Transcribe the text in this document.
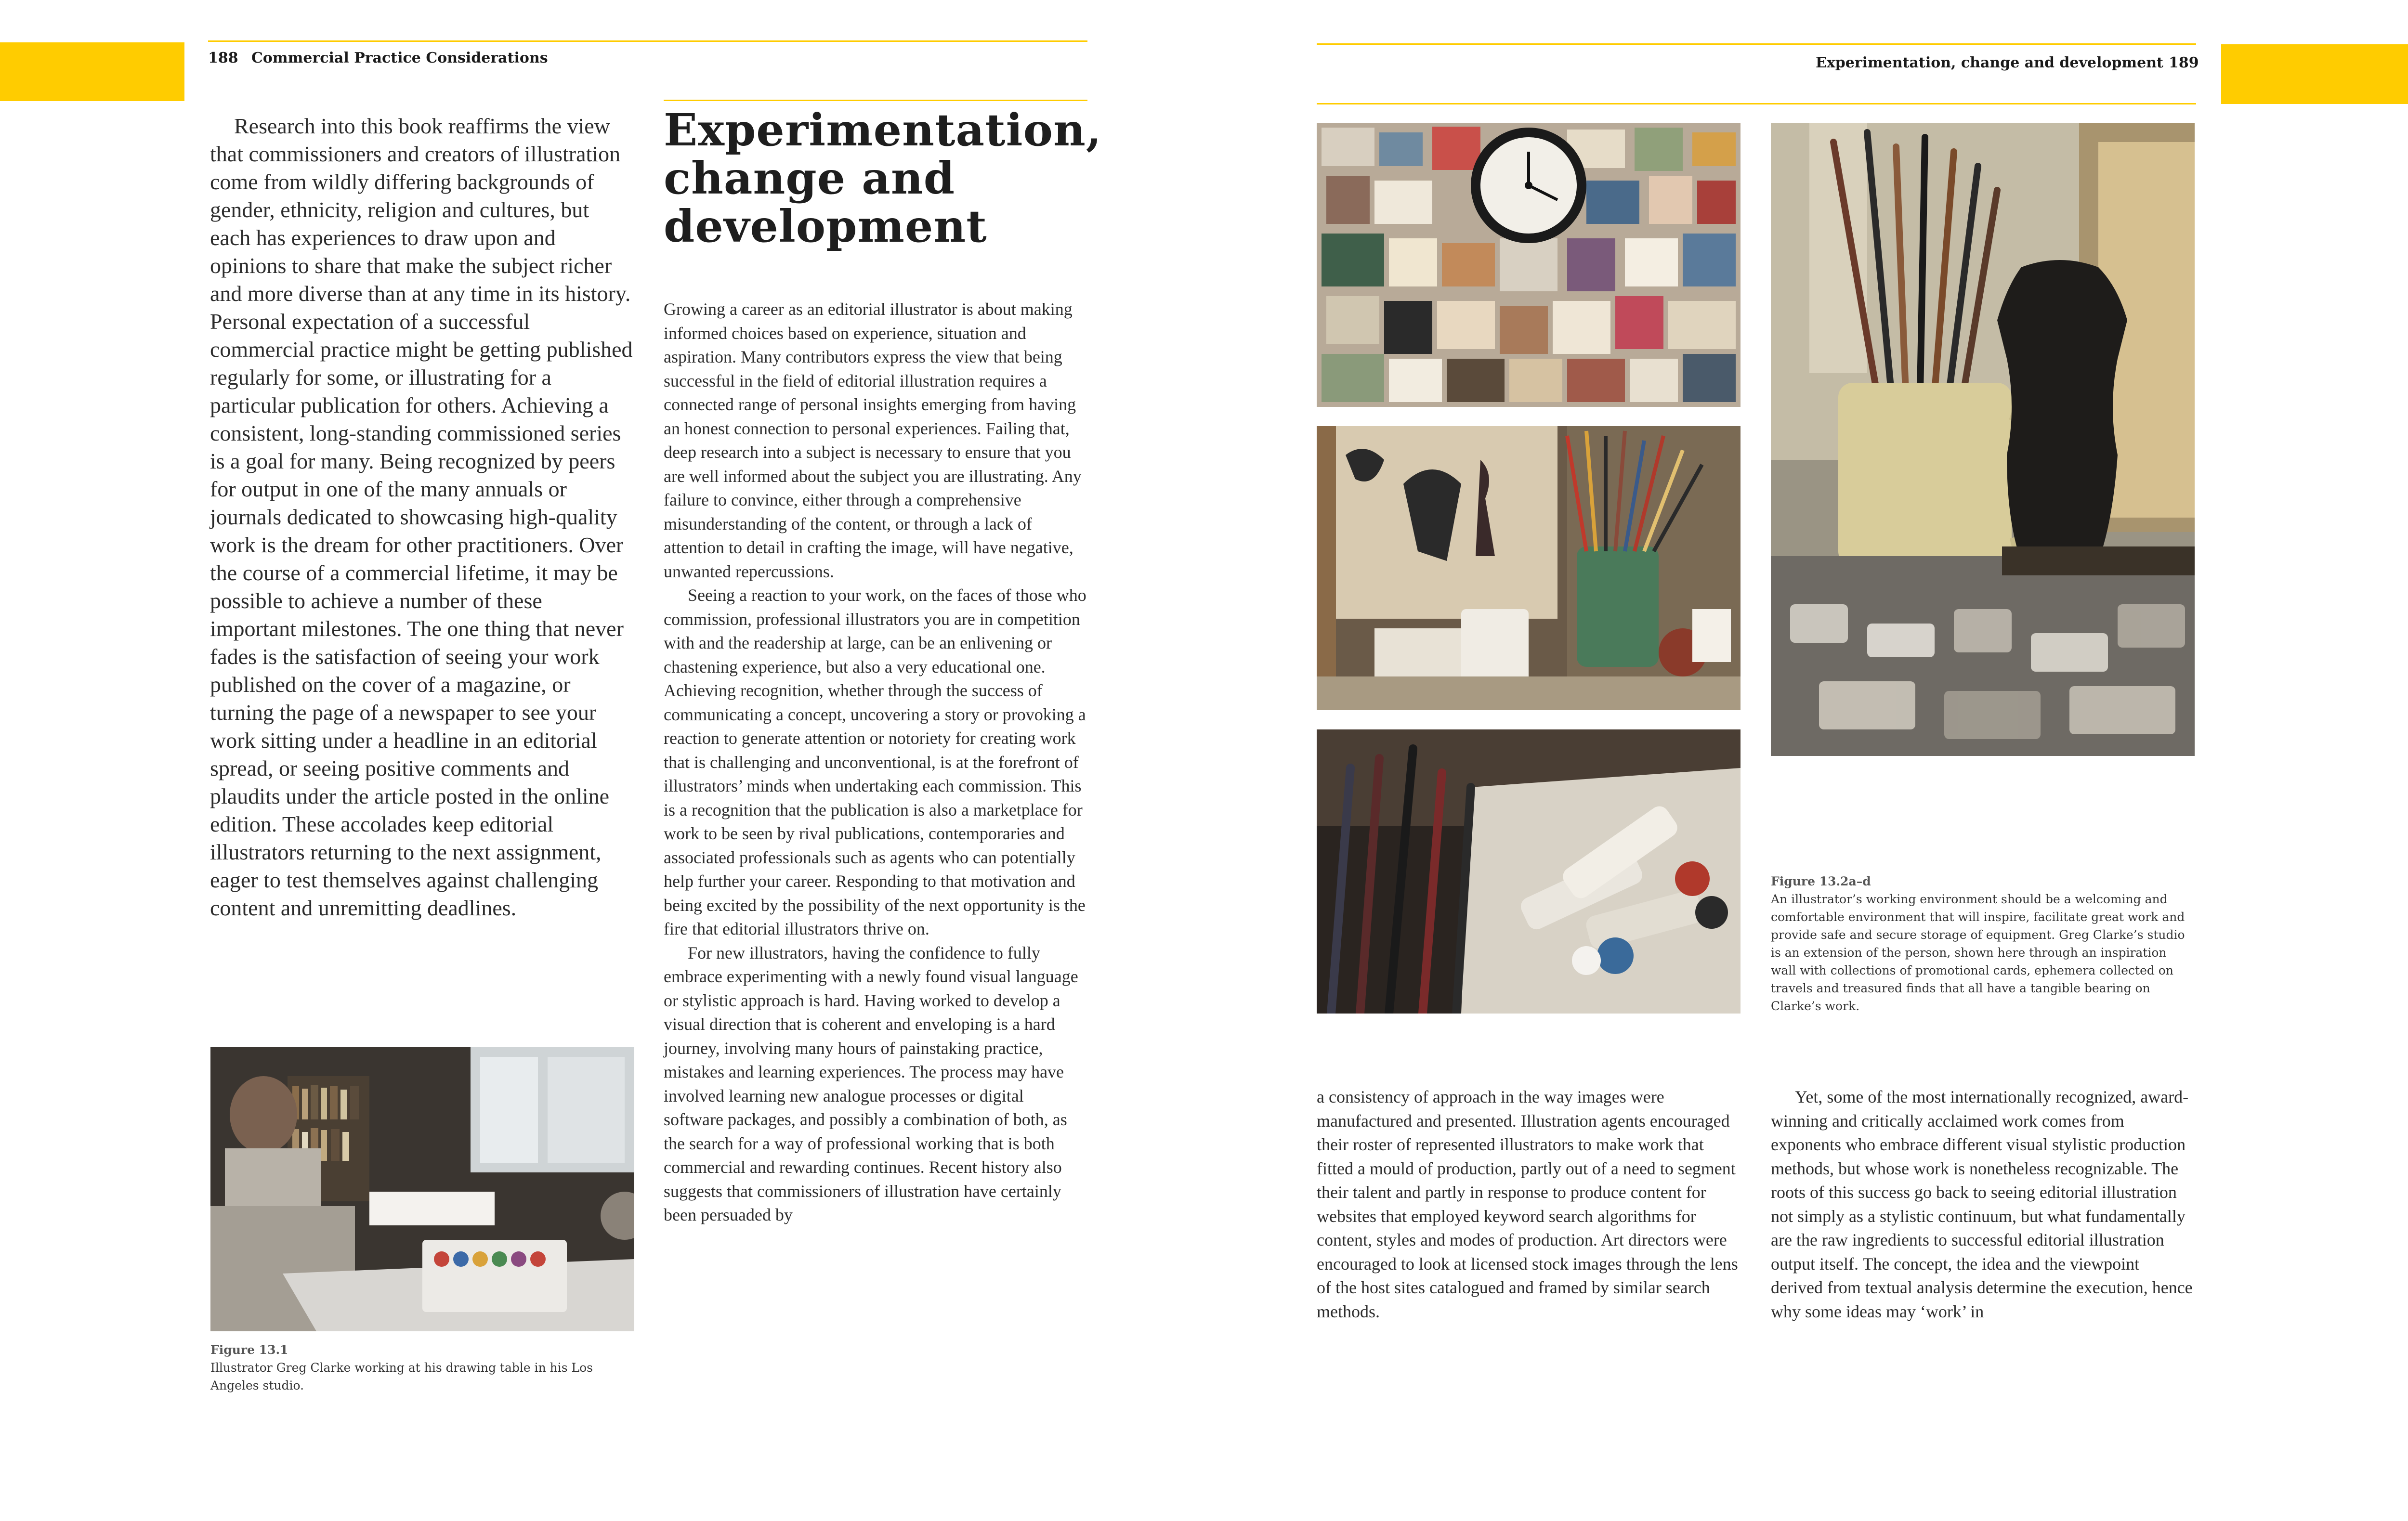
188 Commercial Practice Considerations

Research into this book reaffirms the view that commissioners and creators of illustration come from wildly differing backgrounds of gender, ethnicity, religion and cultures, but each has experiences to draw upon and opinions to share that make the subject richer and more diverse than at any time in its history. Personal expectation of a successful commercial practice might be getting published regularly for some, or illustrating for a particular publication for others. Achieving a consistent, long-standing commissioned series is a goal for many. Being recognized by peers for output in one of the many annuals or journals dedicated to showcasing high-quality work is the dream for other practitioners. Over the course of a commercial lifetime, it may be possible to achieve a number of these important milestones. The one thing that never fades is the satisfaction of seeing your work published on the cover of a magazine, or turning the page of a newspaper to see your work sitting under a headline in an editorial spread, or seeing positive comments and plaudits under the article posted in the online edition. These accolades keep editorial illustrators returning to the next assignment, eager to test themselves against challenging content and unremitting deadlines.

Experimentation, change and development

Growing a career as an editorial illustrator is about making informed choices based on experience, situation and aspiration. Many contributors express the view that being successful in the field of editorial illustration requires a connected range of personal insights emerging from having an honest connection to personal experiences. Failing that, deep research into a subject is necessary to ensure that you are well informed about the subject you are illustrating. Any failure to convince, either through a comprehensive misunderstanding of the content, or through a lack of attention to detail in crafting the image, will have negative, unwanted repercussions.

Seeing a reaction to your work, on the faces of those who commission, professional illustrators you are in competition with and the readership at large, can be an enlivening or chastening experience, but also a very educational one. Achieving recognition, whether through the success of communicating a concept, uncovering a story or provoking a reaction to generate attention or notoriety for creating work that is challenging and unconventional, is at the forefront of illustrators’ minds when undertaking each commission. This is a recognition that the publication is also a marketplace for work to be seen by rival publications, contemporaries and associated professionals such as agents who can potentially help further your career. Responding to that motivation and being excited by the possibility of the next opportunity is the fire that editorial illustrators thrive on.

For new illustrators, having the confidence to fully embrace experimenting with a newly found visual language or stylistic approach is hard. Having worked to develop a visual direction that is coherent and enveloping is a hard journey, involving many hours of painstaking practice, mistakes and learning experiences. The process may have involved learning new analogue processes or digital software packages, and possibly a combination of both, as the search for a way of professional working that is both commercial and rewarding continues. Recent history also suggests that commissioners of illustration have certainly been persuaded by

Figure 13.1
Illustrator Greg Clarke working at his drawing table in his Los Angeles studio.
Experimentation, change and development 189
Figure 13.2a–d
An illustrator’s working environment should be a welcoming and comfortable environment that will inspire, facilitate great work and provide safe and secure storage of equipment. Greg Clarke’s studio is an extension of the person, shown here through an inspiration wall with collections of promotional cards, ephemera collected on travels and treasured finds that all have a tangible bearing on Clarke’s work.

a consistency of approach in the way images were manufactured and presented. Illustration agents encouraged their roster of represented illustrators to make work that fitted a mould of production, partly out of a need to segment their talent and partly in response to produce content for websites that employed keyword search algorithms for content, styles and modes of production. Art directors were encouraged to look at licensed stock images through the lens of the host sites catalogued and framed by similar search methods.

Yet, some of the most internationally recognized, award-winning and critically acclaimed work comes from exponents who embrace different visual stylistic production methods, but whose work is nonetheless recognizable. The roots of this success go back to seeing editorial illustration not simply as a stylistic continuum, but what fundamentally are the raw ingredients to successful editorial illustration output itself. The concept, the idea and the viewpoint derived from textual analysis determine the execution, hence why some ideas may ‘work’ in
